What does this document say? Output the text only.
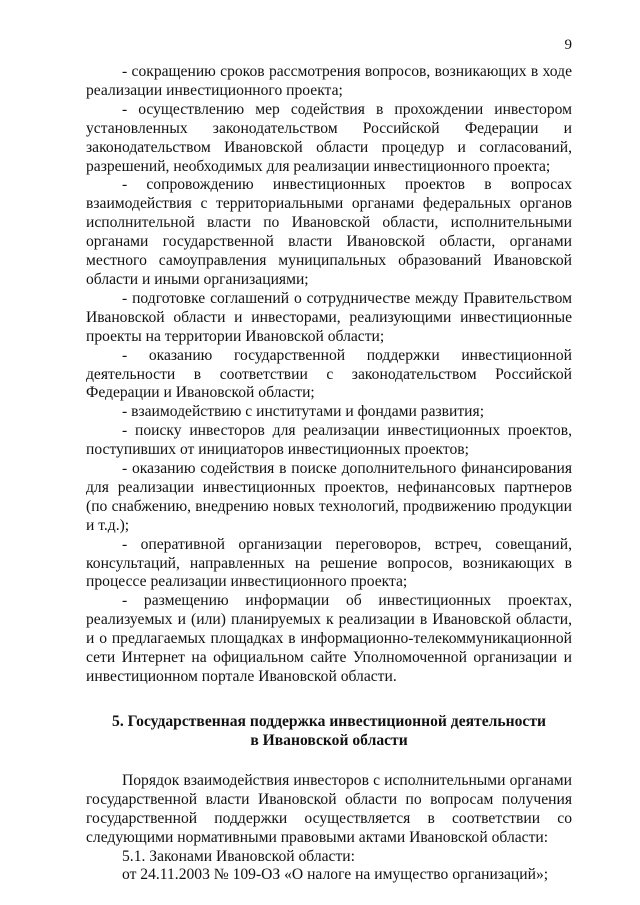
9

- сокращению сроков рассмотрения вопросов, возникающих в ходе реализации инвестиционного проекта;

- осуществлению мер содействия в прохождении инвестором установленных законодательством Российской Федерации и законодательством Ивановской области процедур и согласований, разрешений, необходимых для реализации инвестиционного проекта;

- сопровождению инвестиционных проектов в вопросах взаимодействия с территориальными органами федеральных органов исполнительной власти по Ивановской области, исполнительными органами государственной власти Ивановской области, органами местного самоуправления муниципальных образований Ивановской области и иными организациями;

- подготовке соглашений о сотрудничестве между Правительством Ивановской области и инвесторами, реализующими инвестиционные проекты на территории Ивановской области;

- оказанию государственной поддержки инвестиционной деятельности в соответствии с законодательством Российской Федерации и Ивановской области;

- взаимодействию с институтами и фондами развития;

- поиску инвесторов для реализации инвестиционных проектов, поступивших от инициаторов инвестиционных проектов;

- оказанию содействия в поиске дополнительного финансирования для реализации инвестиционных проектов, нефинансовых партнеров (по снабжению, внедрению новых технологий, продвижению продукции и т.д.);

- оперативной организации переговоров, встреч, совещаний, консультаций, направленных на решение вопросов, возникающих в процессе реализации инвестиционного проекта;

- размещению информации об инвестиционных проектах, реализуемых и (или) планируемых к реализации в Ивановской области, и о предлагаемых площадках в информационно-телекоммуникационной сети Интернет на официальном сайте Уполномоченной организации и инвестиционном портале Ивановской области.

5. Государственная поддержка инвестиционной деятельности
в Ивановской области

Порядок взаимодействия инвесторов с исполнительными органами государственной власти Ивановской области по вопросам получения государственной поддержки осуществляется в соответствии со следующими нормативными правовыми актами Ивановской области:

5.1. Законами Ивановской области:

от 24.11.2003 № 109-ОЗ «О налоге на имущество организаций»;
